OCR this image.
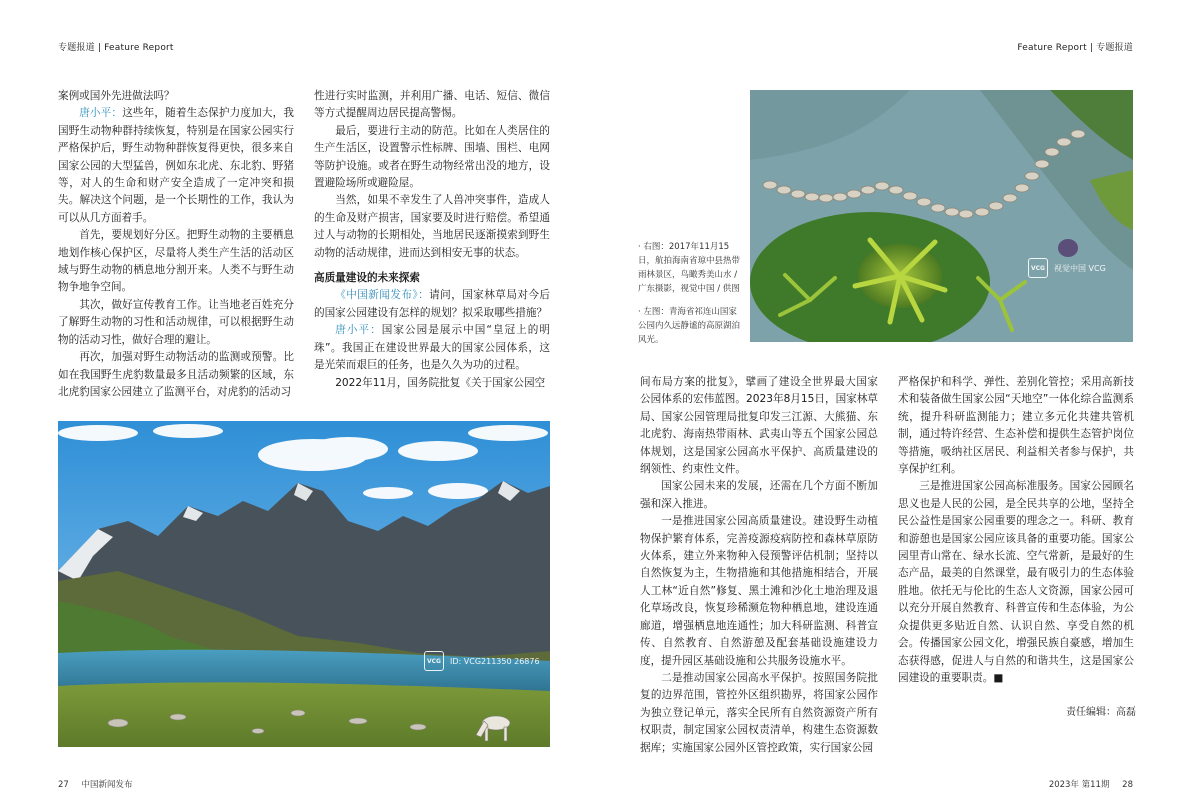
专题报道 | Feature Report	Feature Report | 专题报道

案例或国外先进做法吗？

唐小平：这些年，随着生态保护力度加大，我国野生动物种群持续恢复，特别是在国家公园实行严格保护后，野生动物种群恢复得更快，很多来自国家公园的大型猛兽，例如东北虎、东北豹、野猪等，对人的生命和财产安全造成了一定冲突和损失。解决这个问题，是一个长期性的工作，我认为可以从几方面着手。

首先，要规划好分区。把野生动物的主要栖息地划作核心保护区，尽量将人类生产生活的活动区域与野生动物的栖息地分割开来。人类不与野生动物争地争空间。

其次，做好宣传教育工作。让当地老百姓充分了解野生动物的习性和活动规律，可以根据野生动物的活动习性，做好合理的避让。

再次，加强对野生动物活动的监测或预警。比如在我国野生虎豹数量最多且活动频繁的区域，东北虎豹国家公园建立了监测平台，对虎豹的活动习

性进行实时监测，并利用广播、电话、短信、微信等方式提醒周边居民提高警惕。

最后，要进行主动的防范。比如在人类居住的生产生活区，设置警示性标牌、围墙、围栏、电网等防护设施。或者在野生动物经常出没的地方，设置避险场所或避险屋。

当然，如果不幸发生了人兽冲突事件，造成人的生命及财产损害，国家要及时进行赔偿。希望通过人与动物的长期相处，当地居民逐渐摸索到野生动物的活动规律，进而达到相安无事的状态。

高质量建设的未来探索

《中国新闻发布》：请问，国家林草局对今后的国家公园建设有怎样的规划？拟采取哪些措施？

唐小平：国家公园是展示中国“皇冠上的明珠”。我国正在建设世界最大的国家公园体系，这是光荣而艰巨的任务，也是久久为功的过程。

2022年11月，国务院批复《关于国家公园空

VCG	视觉中国 VCG
· 右图：2017年11月15日，航拍海南省琼中县热带雨林景区，鸟瞰秀美山水 / 广东摄影，视觉中国 / 供图
· 左图：青海省祁连山国家公园内久远静谧的高原湖泊风光。
VCG	ID: VCG211350 26876

间布局方案的批复》，擘画了建设全世界最大国家公园体系的宏伟蓝图。2023年8月15日，国家林草局、国家公园管理局批复印发三江源、大熊猫、东北虎豹、海南热带雨林、武夷山等五个国家公园总体规划，这是国家公园高水平保护、高质量建设的纲领性、约束性文件。

国家公园未来的发展，还需在几个方面不断加强和深入推进。

一是推进国家公园高质量建设。建设野生动植物保护繁育体系，完善疫源疫病防控和森林草原防火体系，建立外来物种入侵预警评估机制；坚持以自然恢复为主，生物措施和其他措施相结合，开展人工林“近自然”修复、黑土滩和沙化土地治理及退化草场改良，恢复珍稀濒危物种栖息地，建设连通廊道，增强栖息地连通性；加大科研监测、科普宣传、自然教育、自然游憩及配套基础设施建设力度，提升园区基础设施和公共服务设施水平。

二是推动国家公园高水平保护。按照国务院批复的边界范围，管控外区组织勘界，将国家公园作为独立登记单元，落实全民所有自然资源资产所有权职责，制定国家公园权责清单，构建生态资源数据库；实施国家公园外区管控政策，实行国家公园

严格保护和科学、弹性、差别化管控；采用高新技术和装备做生国家公园“天地空”一体化综合监测系统，提升科研监测能力；建立多元化共建共管机制，通过特许经营、生态补偿和提供生态管护岗位等措施，吸纳社区居民、利益相关者参与保护，共享保护红利。

三是推进国家公园高标准服务。国家公园顾名思义也是人民的公园，是全民共享的公地，坚持全民公益性是国家公园重要的理念之一。科研、教育和游憩也是国家公园应该具备的重要功能。国家公园里青山常在、绿水长流、空气常新，是最好的生态产品，最美的自然课堂，最有吸引力的生态体验胜地。依托无与伦比的生态人文资源，国家公园可以充分开展自然教育、科普宣传和生态体验，为公众提供更多贴近自然、认识自然、享受自然的机会。传播国家公园文化，增强民族自豪感，增加生态获得感，促进人与自然的和谐共生，这是国家公园建设的重要职责。■

责任编辑：高磊
27 中国新闻发布	2023年 第11期 28
